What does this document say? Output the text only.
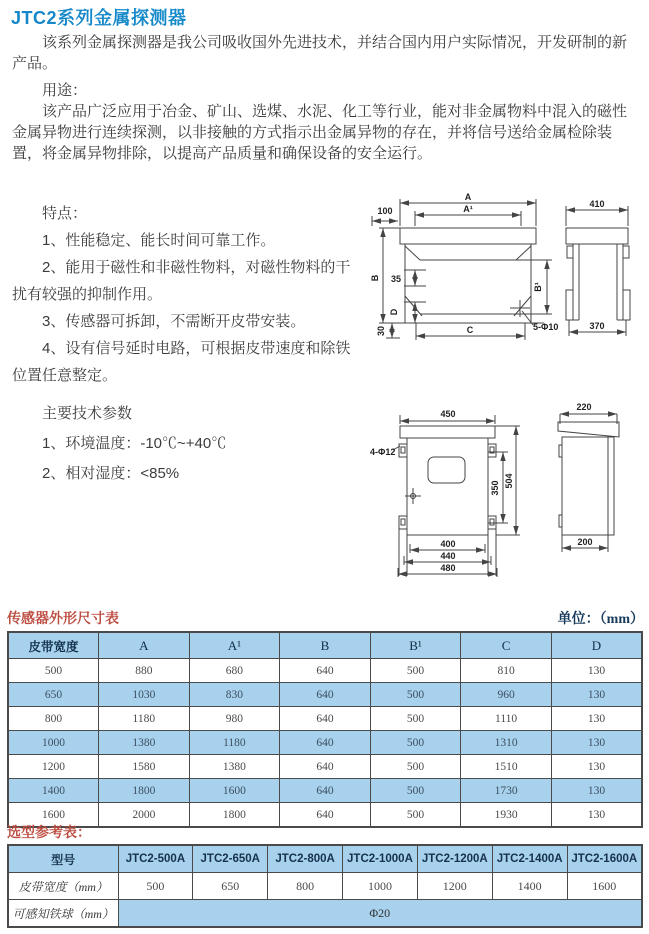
JTC2系列金属探测器

该系列金属探测器是我公司吸收国外先进技术，并结合国内用户实际情况，开发研制的新产品。

用途：

该产品广泛应用于冶金、矿山、选煤、水泥、化工等行业，能对非金属物料中混入的磁性金属异物进行连续探测，以非接触的方式指示出金属异物的存在，并将信号送给金属检除装置，将金属异物排除，以提高产品质量和确保设备的安全运行。

特点：

1、性能稳定、能长时间可靠工作。

2、能用于磁性和非磁性物料，对磁性物料的干扰有较强的抑制作用。

3、传感器可拆卸，不需断开皮带安装。

4、设有信号延时电路，可根据皮带速度和除铁位置任意整定。

主要技术参数

1、环境温度：-10℃~+40℃

2、相对湿度：<85%

A
A¹
100
B 35
D
30	C
B¹
5-Φ10
410
370
450
4-Φ12
350 504
400
440
480
220
200
传感器外形尺寸表	单位：（mm）
皮带宽度	A	A¹	B	B¹	C	D
500	880	680	640	500	810	130
650	1030	830	640	500	960	130
800	1180	980	640	500	1110	130
1000	1380	1180	640	500	1310	130
1200	1580	1380	640	500	1510	130
1400	1800	1600	640	500	1730	130
1600	2000	1800	640	500	1930	130
选型参考表：
型号	JTC2-500A	JTC2-650A	JTC2-800A	JTC2-1000A	JTC2-1200A	JTC2-1400A	JTC2-1600A
皮带宽度（mm）	500	650	800	1000	1200	1400	1600
可感知铁球（mm）	Φ20						
